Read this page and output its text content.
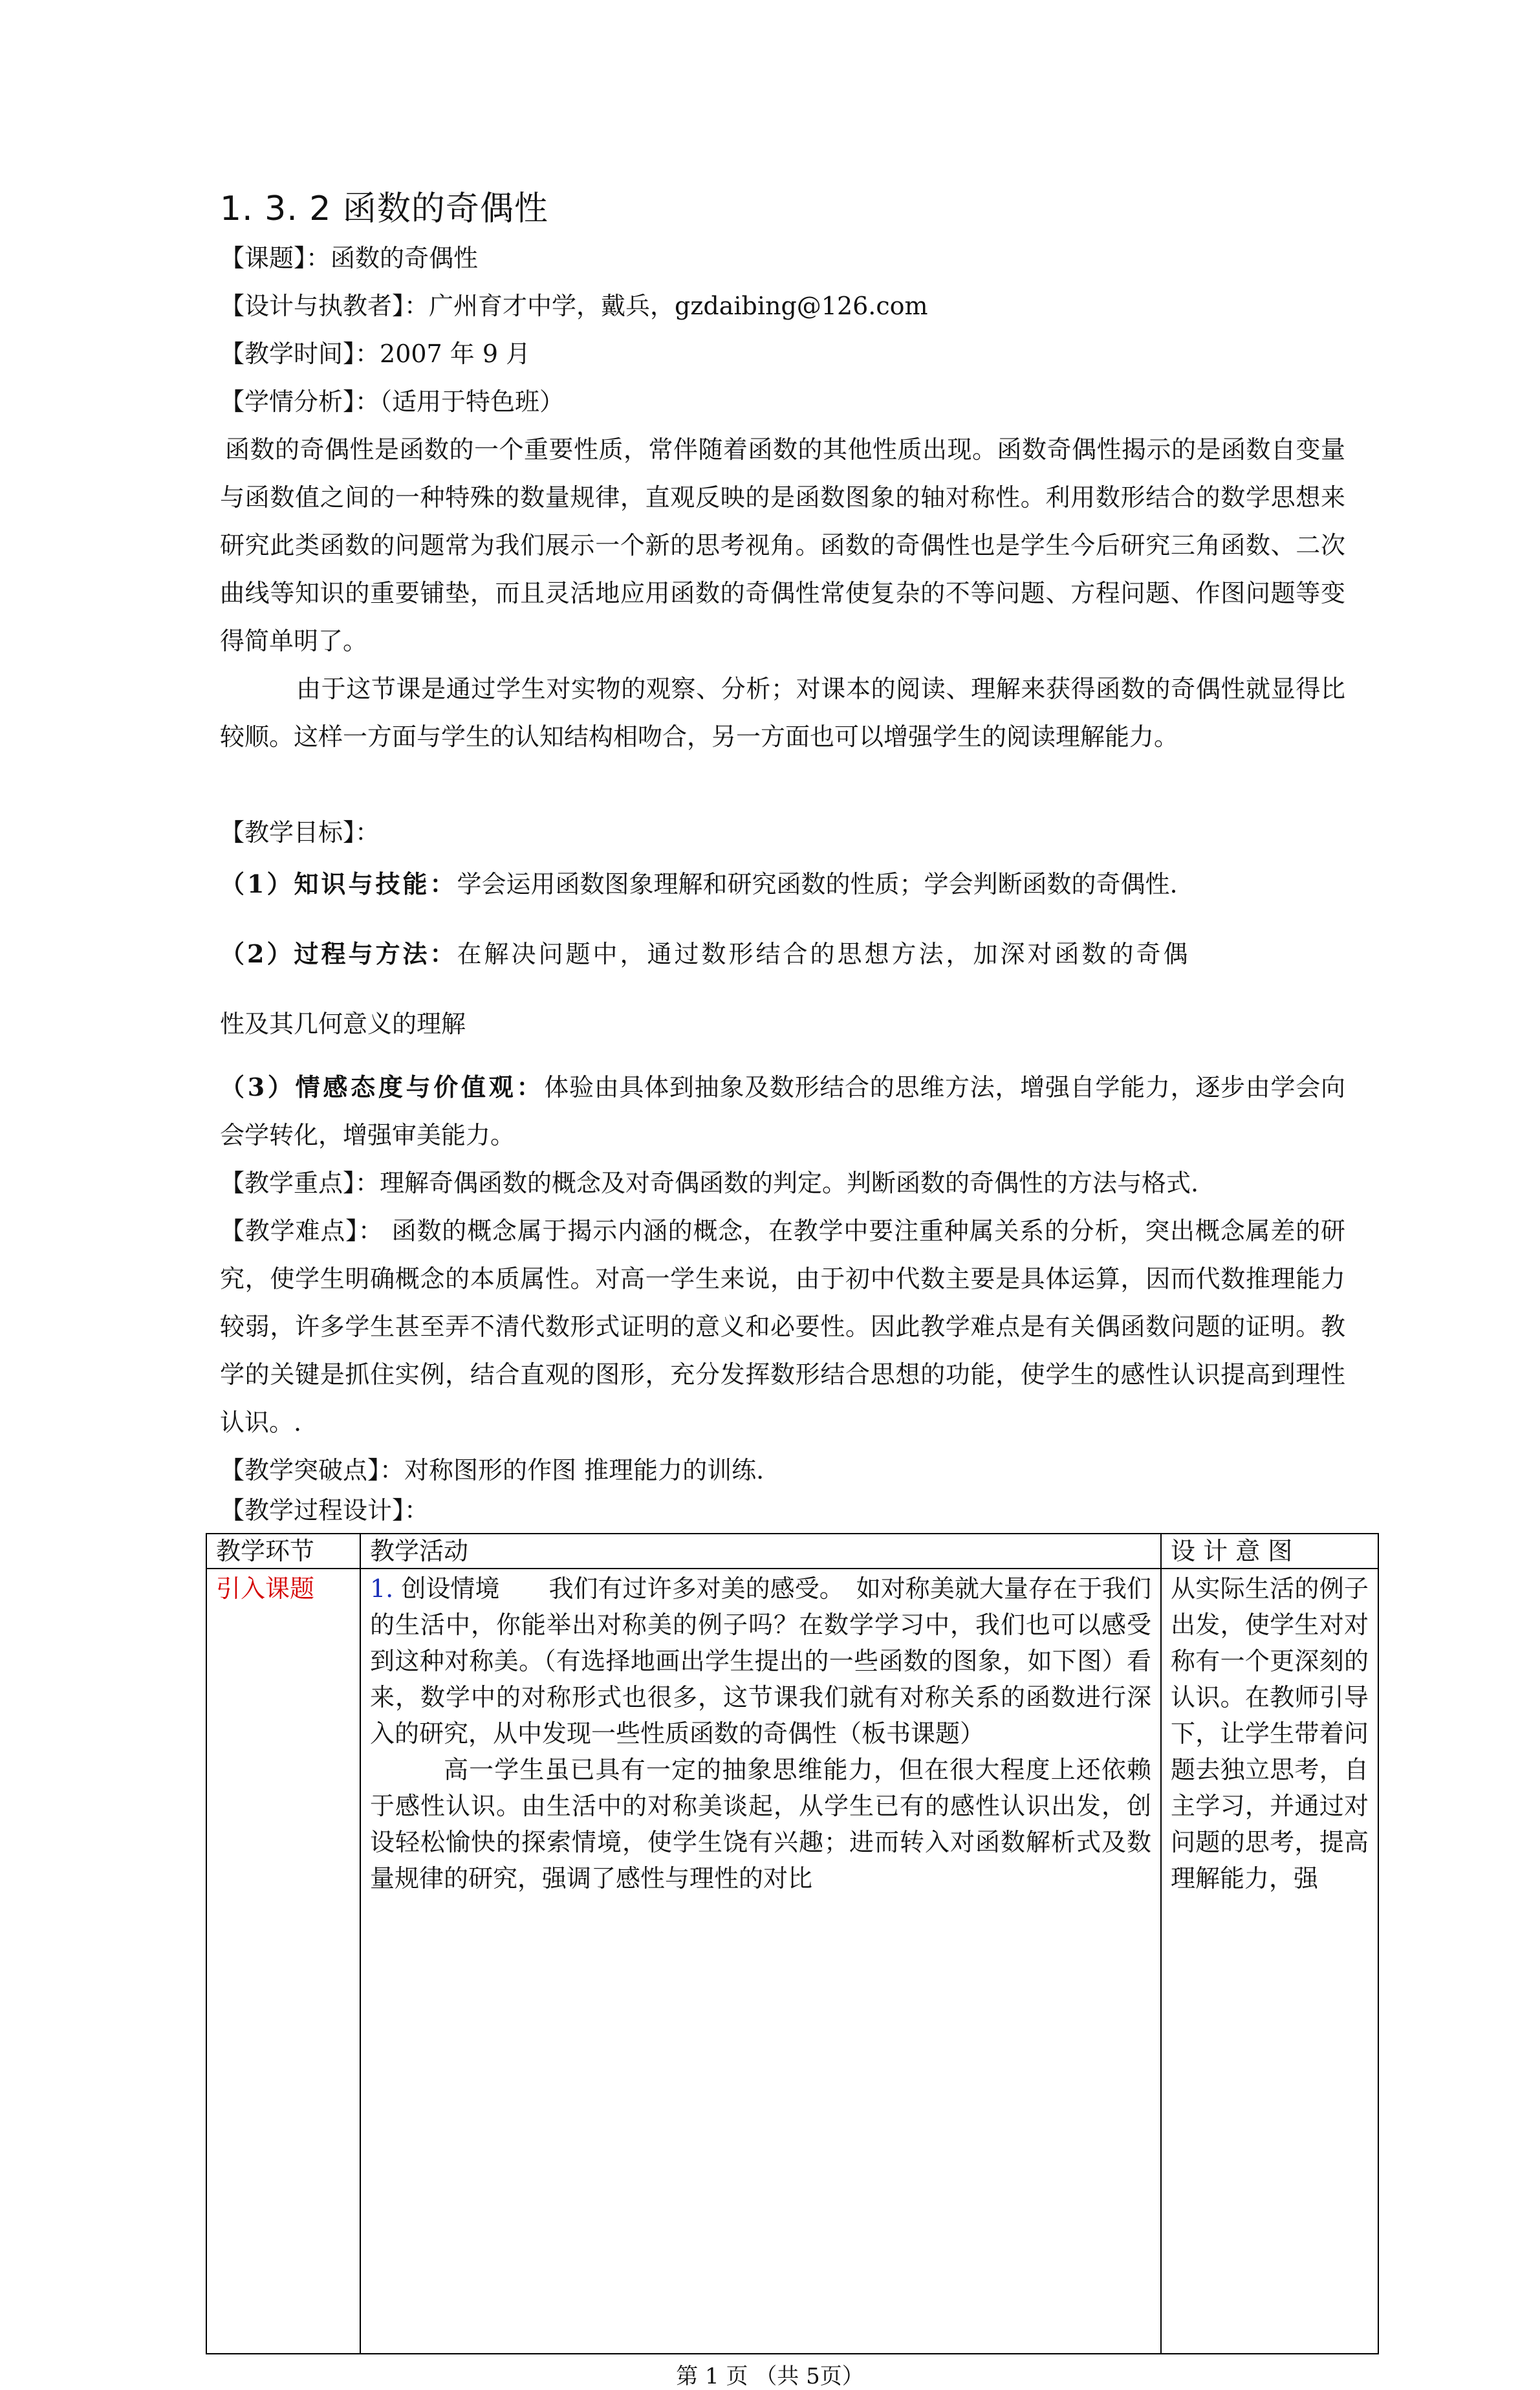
1. 3. 2 函数的奇偶性
【课题】：函数的奇偶性
【设计与执教者】：广州育才中学，戴兵，gzdaibing@126.com
【教学时间】：2007 年 9 月
【学情分析】：（适用于特色班）
函数的奇偶性是函数的一个重要性质，常伴随着函数的其他性质出现。函数奇偶性揭示的是函数自变量与函数值之间的一种特殊的数量规律，直观反映的是函数图象的轴对称性。利用数形结合的数学思想来研究此类函数的问题常为我们展示一个新的思考视角。函数的奇偶性也是学生今后研究三角函数、二次曲线等知识的重要铺垫，而且灵活地应用函数的奇偶性常使复杂的不等问题、方程问题、作图问题等变得简单明了。
由于这节课是通过学生对实物的观察、分析；对课本的阅读、理解来获得函数的奇偶性就显得比较顺。这样一方面与学生的认知结构相吻合，另一方面也可以增强学生的阅读理解能力。
【教学目标】：
（1）知识与技能：学会运用函数图象理解和研究函数的性质；学会判断函数的奇偶性.
（2）过程与方法：在解决问题中，通过数形结合的思想方法，加深对函数的奇偶
性及其几何意义的理解
（3）情感态度与价值观：体验由具体到抽象及数形结合的思维方法，增强自学能力，逐步由学会向会学转化，增强审美能力。
【教学重点】：理解奇偶函数的概念及对奇偶函数的判定。判断函数的奇偶性的方法与格式.
【教学难点】： 函数的概念属于揭示内涵的概念，在教学中要注重种属关系的分析，突出概念属差的研究，使学生明确概念的本质属性。对高一学生来说，由于初中代数主要是具体运算，因而代数推理能力较弱，许多学生甚至弄不清代数形式证明的意义和必要性。因此教学难点是有关偶函数问题的证明。教学的关键是抓住实例，结合直观的图形，充分发挥数形结合思想的功能，使学生的感性认识提高到理性认识。.
【教学突破点】：对称图形的作图 推理能力的训练.
【教学过程设计】：
教学环节	教学活动	设 计 意 图
引入课题	1. 创设情境　　我们有过许多对美的感受。　如对称美就大量存在于我们的生活中，你能举出对称美的例子吗？在数学学习中，我们也可以感受到这种对称美。（有选择地画出学生提出的一些函数的图象，如下图）看来，数学中的对称形式也很多，这节课我们就有对称关系的函数进行深入的研究，从中发现一些性质函数的奇偶性（板书课题）
高一学生虽已具有一定的抽象思维能力，但在很大程度上还依赖于感性认识。由生活中的对称美谈起，从学生已有的感性认识出发，创设轻松愉快的探索情境，使学生饶有兴趣；进而转入对函数解析式及数量规律的研究，强调了感性与理性的对比	从实际生活的例子出发，使学生对对称有一个更深刻的认识。在教师引导下，让学生带着问题去独立思考，自主学习，并通过对问题的思考，提高理解能力，强
第 1 页 （共 5页）
